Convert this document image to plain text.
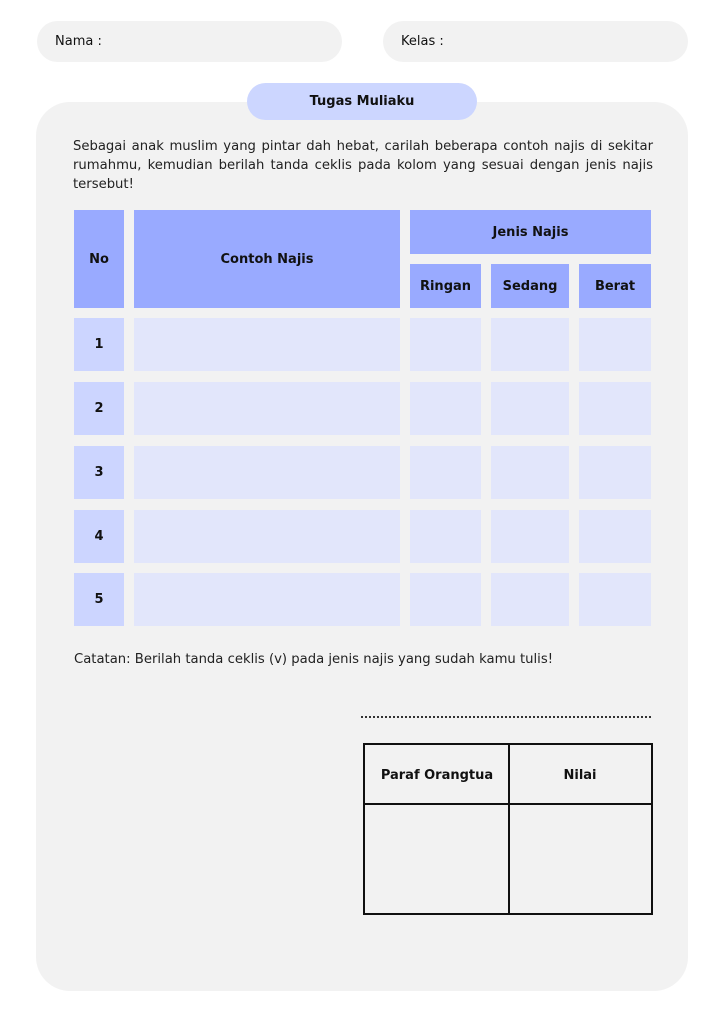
Nama :	Kelas :
Tugas Muliaku
Sebagai anak muslim yang pintar dah hebat, carilah beberapa contoh najis di sekitar rumahmu, kemudian berilah tanda ceklis pada kolom yang sesuai dengan jenis najis tersebut!
No	Contoh Najis
Jenis Najis
Ringan	Sedang	Berat
1
2
3
4
5
Catatan: Berilah tanda ceklis (v) pada jenis najis yang sudah kamu tulis!
Paraf Orangtua	Nilai
